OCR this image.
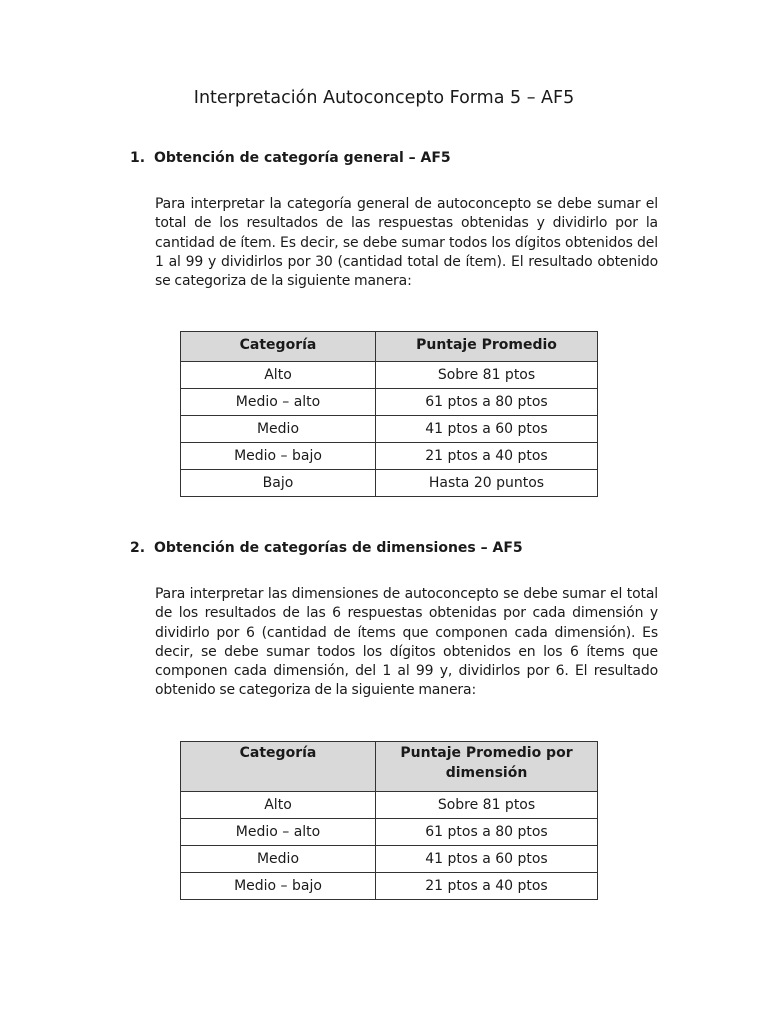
Interpretación Autoconcepto Forma 5 – AF5
1. Obtención de categoría general – AF5

Para interpretar la categoría general de autoconcepto se debe sumar el total de los resultados de las respuestas obtenidas y dividirlo por la cantidad de ítem. Es decir, se debe sumar todos los dígitos obtenidos del 1 al 99 y dividirlos por 30 (cantidad total de ítem). El resultado obtenido se categoriza de la siguiente manera:

Categoría	Puntaje Promedio
Alto	Sobre 81 ptos
Medio – alto	61 ptos a 80 ptos
Medio	41 ptos a 60 ptos
Medio – bajo	21 ptos a 40 ptos
Bajo	Hasta 20 puntos
2. Obtención de categorías de dimensiones – AF5

Para interpretar las dimensiones de autoconcepto se debe sumar el total de los resultados de las 6 respuestas obtenidas por cada dimensión y dividirlo por 6 (cantidad de ítems que componen cada dimensión). Es decir, se debe sumar todos los dígitos obtenidos en los 6 ítems que componen cada dimensión, del 1 al 99 y, dividirlos por 6. El resultado obtenido se categoriza de la siguiente manera:

Categoría	Puntaje Promedio por dimensión
Alto	Sobre 81 ptos
Medio – alto	61 ptos a 80 ptos
Medio	41 ptos a 60 ptos
Medio – bajo	21 ptos a 40 ptos
